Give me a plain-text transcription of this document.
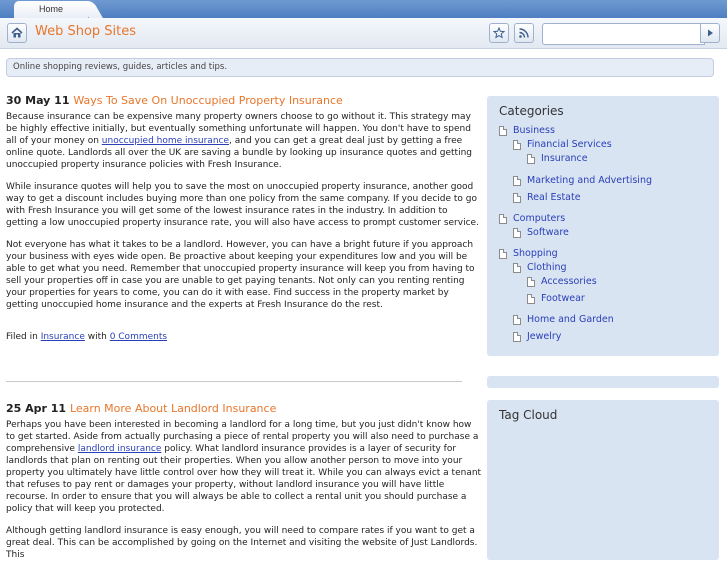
Home
Web Shop Sites
Online shopping reviews, guides, articles and tips.
30 May 11 Ways To Save On Unoccupied Property Insurance

Because insurance can be expensive many property owners choose to go without it. This strategy may be highly effective initially, but eventually something unfortunate will happen. You don't have to spend all of your money on unoccupied home insurance, and you can get a great deal just by getting a free online quote. Landlords all over the UK are saving a bundle by looking up insurance quotes and getting unoccupied property insurance policies with Fresh Insurance.

While insurance quotes will help you to save the most on unoccupied property insurance, another good way to get a discount includes buying more than one policy from the same company. If you decide to go with Fresh Insurance you will get some of the lowest insurance rates in the industry. In addition to getting a low unoccupied property insurance rate, you will also have access to prompt customer service.

Not everyone has what it takes to be a landlord. However, you can have a bright future if you approach your business with eyes wide open. Be proactive about keeping your expenditures low and you will be able to get what you need. Remember that unoccupied property insurance will keep you from having to sell your properties off in case you are unable to get paying tenants. Not only can you renting renting your properties for years to come, you can do it with ease. Find success in the property market by getting unoccupied home insurance and the experts at Fresh Insurance do the rest.

Filed in Insurance with 0 Comments

25 Apr 11 Learn More About Landlord Insurance

Perhaps you have been interested in becoming a landlord for a long time, but you just didn't know how to get started. Aside from actually purchasing a piece of rental property you will also need to purchase a comprehensive landlord insurance policy. What landlord insurance provides is a layer of security for landlords that plan on renting out their properties. When you allow another person to move into your property you ultimately have little control over how they will treat it. While you can always evict a tenant that refuses to pay rent or damages your property, without landlord insurance you will have little recourse. In order to ensure that you will always be able to collect a rental unit you should purchase a policy that will keep you protected.

Although getting landlord insurance is easy enough, you will need to compare rates if you want to get a great deal. This can be accomplished by going on the Internet and visiting the website of Just Landlords. This

Categories
Business
Financial Services
Insurance
Marketing and Advertising
Real Estate
Computers
Software
Shopping
Clothing
Accessories
Footwear
Home and Garden
Jewelry
Tag Cloud
